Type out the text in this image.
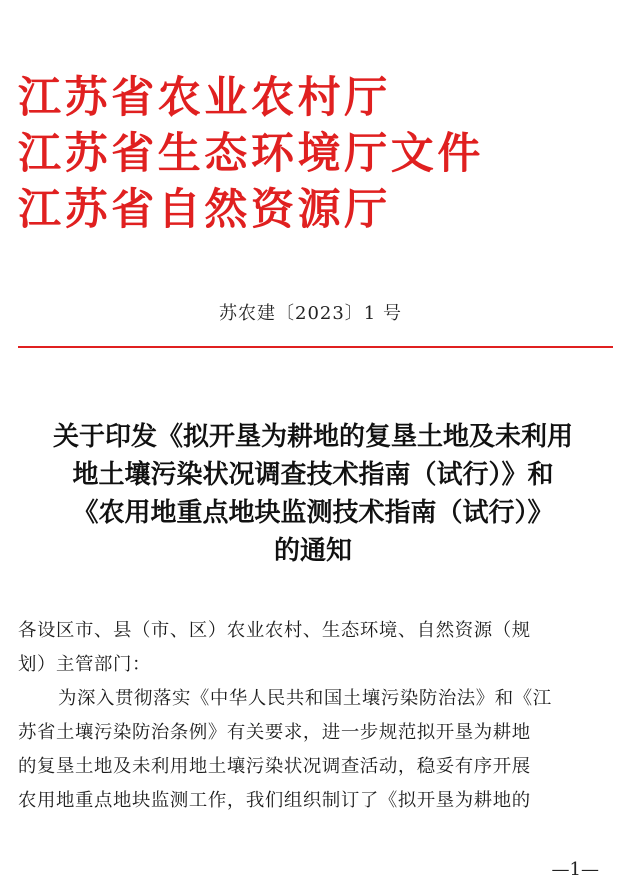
江苏省农业农村厅
江苏省生态环境厅文件
江苏省自然资源厅
苏农建〔2023〕1 号
关于印发《拟开垦为耕地的复垦土地及未利用
地土壤污染状况调查技术指南（试行）》和
《农用地重点地块监测技术指南（试行）》
的通知
各设区市、县（市、区）农业农村、生态环境、自然资源（规
划）主管部门：
为深入贯彻落实《中华人民共和国土壤污染防治法》和《江
苏省土壤污染防治条例》有关要求，进一步规范拟开垦为耕地
的复垦土地及未利用地土壤污染状况调查活动，稳妥有序开展
农用地重点地块监测工作，我们组织制订了《拟开垦为耕地的
—1—
